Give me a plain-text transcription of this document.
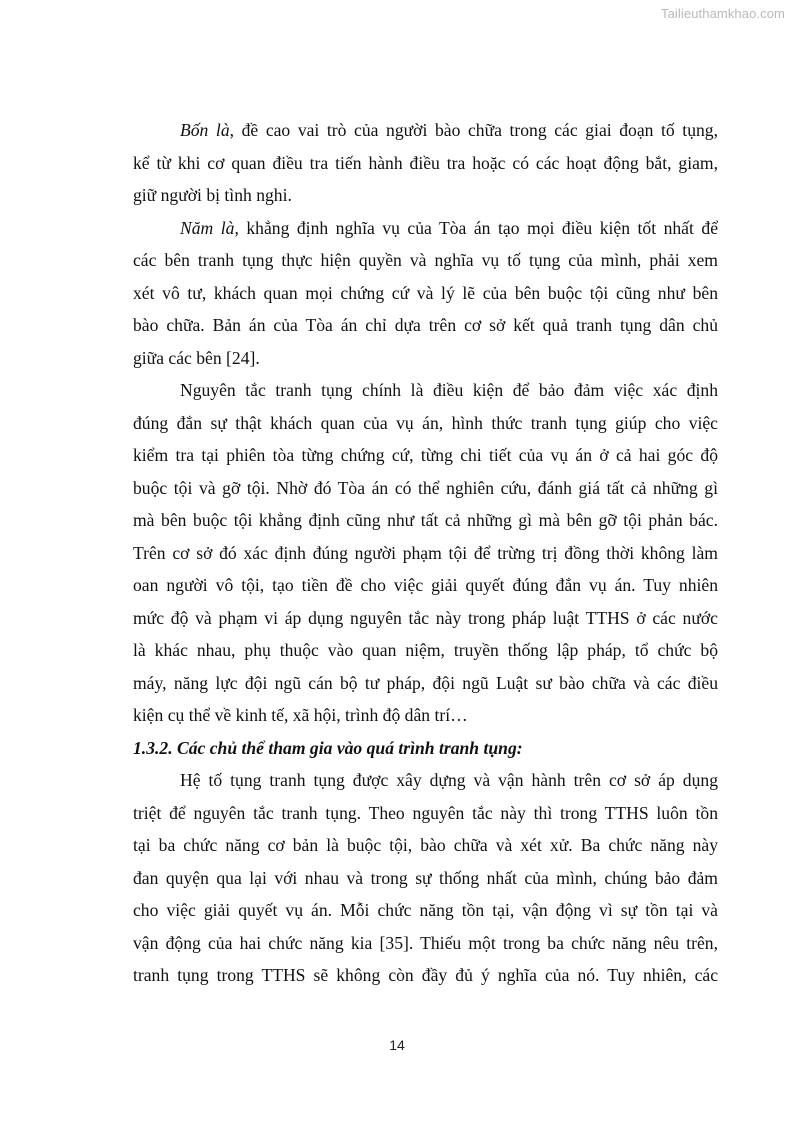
Tailieuthamkhao.com
Bốn là, đề cao vai trò của người bào chữa trong các giai đoạn tố tụng,
kể từ khi cơ quan điều tra tiến hành điều tra hoặc có các hoạt động bắt, giam,
giữ người bị tình nghi.
Năm là, khẳng định nghĩa vụ của Tòa án tạo mọi điều kiện tốt nhất để
các bên tranh tụng thực hiện quyền và nghĩa vụ tố tụng của mình, phải xem
xét vô tư, khách quan mọi chứng cứ và lý lẽ của bên buộc tội cũng như bên
bào chữa. Bản án của Tòa án chỉ dựa trên cơ sở kết quả tranh tụng dân chủ
giữa các bên [24].
Nguyên tắc tranh tụng chính là điều kiện để bảo đảm việc xác định
đúng đắn sự thật khách quan của vụ án, hình thức tranh tụng giúp cho việc
kiểm tra tại phiên tòa từng chứng cứ, từng chi tiết của vụ án ở cả hai góc độ
buộc tội và gỡ tội. Nhờ đó Tòa án có thể nghiên cứu, đánh giá tất cả những gì
mà bên buộc tội khẳng định cũng như tất cả những gì mà bên gỡ tội phản bác.
Trên cơ sở đó xác định đúng người phạm tội để trừng trị đồng thời không làm
oan người vô tội, tạo tiền đề cho việc giải quyết đúng đắn vụ án. Tuy nhiên
mức độ và phạm vi áp dụng nguyên tắc này trong pháp luật TTHS ở các nước
là khác nhau, phụ thuộc vào quan niệm, truyền thống lập pháp, tổ chức bộ
máy, năng lực đội ngũ cán bộ tư pháp, đội ngũ Luật sư bào chữa và các điều
kiện cụ thể về kinh tế, xã hội, trình độ dân trí…
1.3.2. Các chủ thể tham gia vào quá trình tranh tụng:
Hệ tố tụng tranh tụng được xây dựng và vận hành trên cơ sở áp dụng
triệt để nguyên tắc tranh tụng. Theo nguyên tắc này thì trong TTHS luôn tồn
tại ba chức năng cơ bản là buộc tội, bào chữa và xét xử. Ba chức năng này
đan quyện qua lại với nhau và trong sự thống nhất của mình, chúng bảo đảm
cho việc giải quyết vụ án. Mỗi chức năng tồn tại, vận động vì sự tồn tại và
vận động của hai chức năng kia [35]. Thiếu một trong ba chức năng nêu trên,
tranh tụng trong TTHS sẽ không còn đầy đủ ý nghĩa của nó. Tuy nhiên, các
14
